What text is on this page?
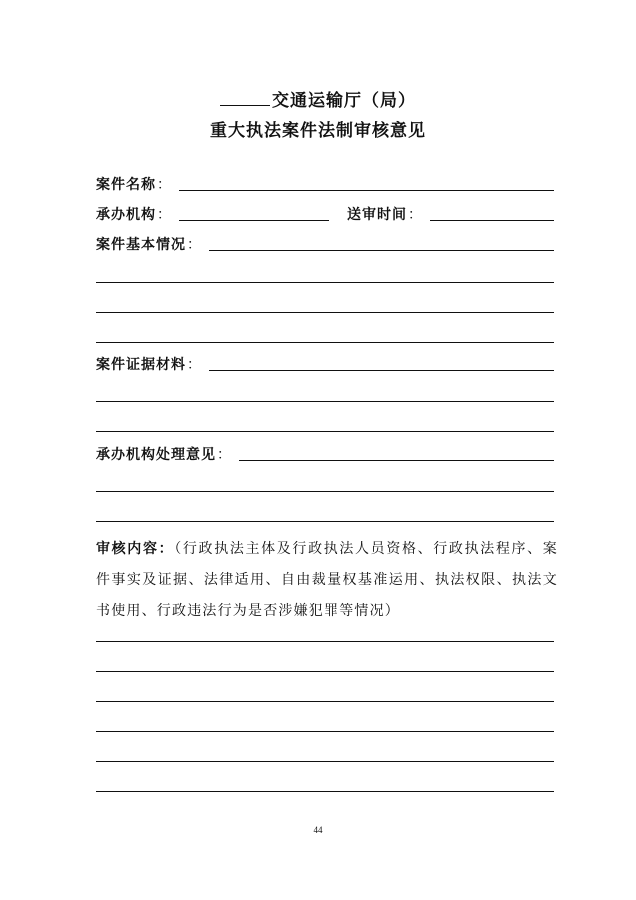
交通运输厅（局）
重大执法案件法制审核意见
案件名称 ：
承办机构 ：	送审时间 ：
案件基本情况 ：
案件证据材料 ：
承办机构处理意见 ：
审核内容：（行政执法主体及行政执法人员资格、行政执法程序、案件事实及证据、法律适用、自由裁量权基准运用、执法权限、执法文书使用、行政违法行为是否涉嫌犯罪等情况）
44
